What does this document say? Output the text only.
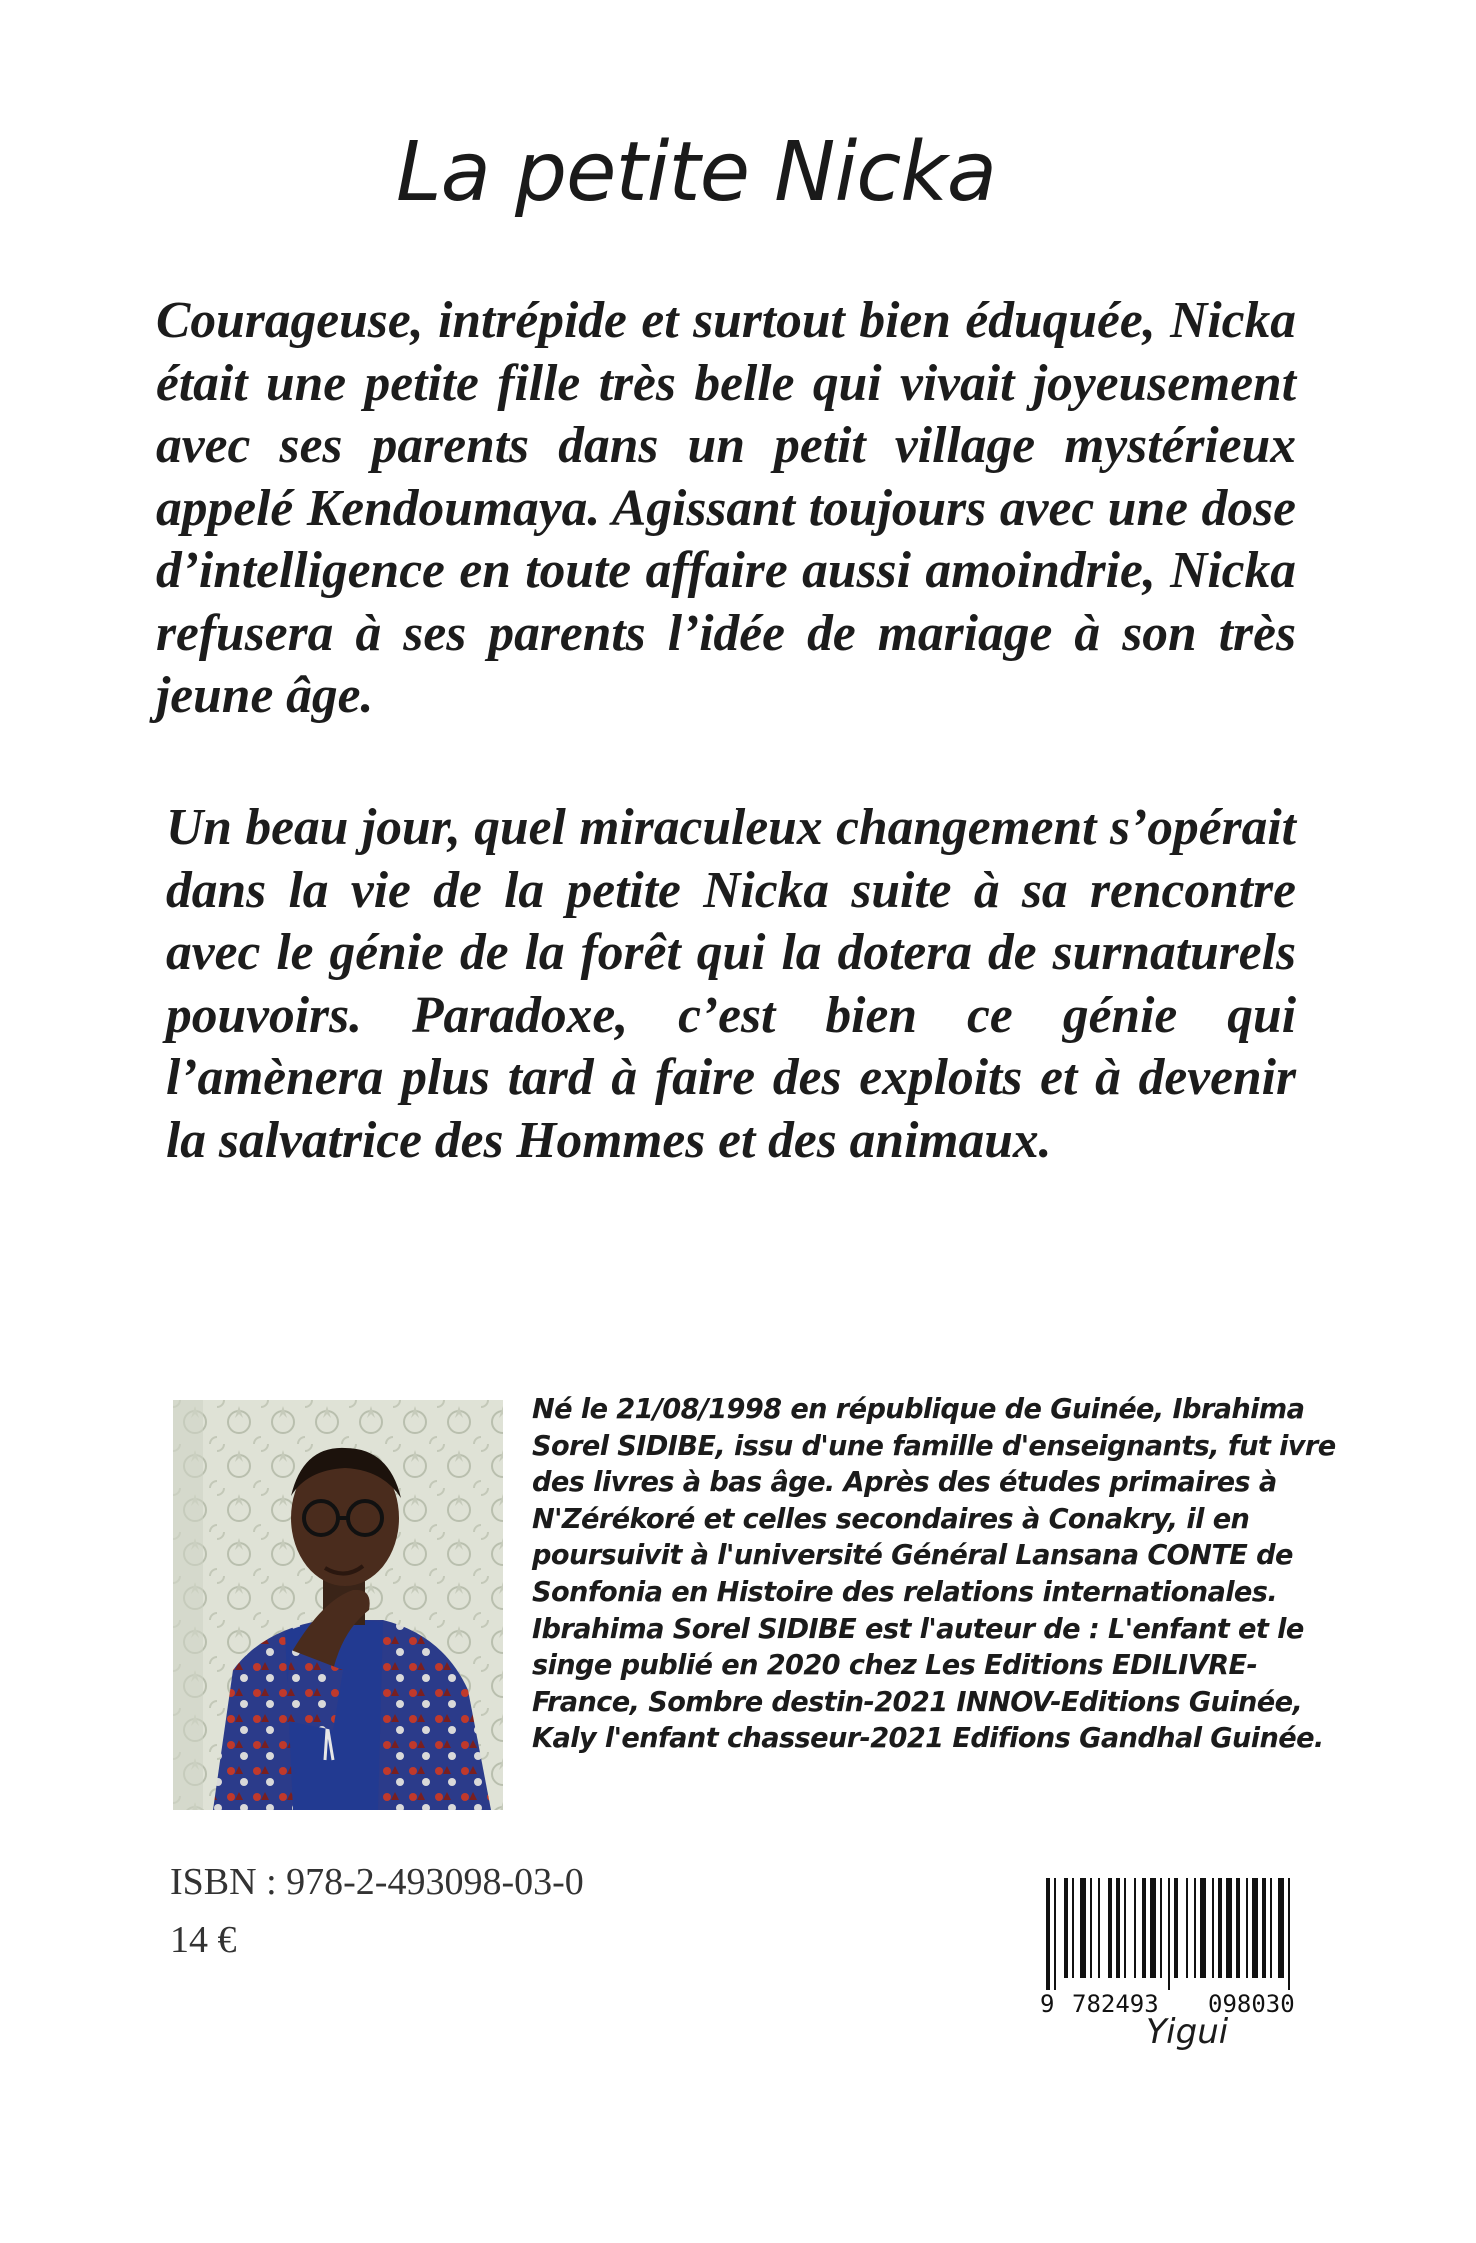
La petite Nicka

Courageuse, intrépide et surtout bien éduquée, Nicka était une petite fille très belle qui vivait joyeusement avec ses parents dans un petit village mystérieux appelé Kendoumaya. Agissant toujours avec une dose d’intelligence en toute affaire aussi amoindrie, Nicka refusera à ses parents l’idée de mariage à son très jeune âge.

Un beau jour, quel miraculeux changement s’opérait dans la vie de la petite Nicka suite à sa rencontre avec le génie de la forêt qui la dotera de surnaturels pouvoirs. Paradoxe, c’est bien ce génie qui l’amènera plus tard à faire des exploits et à devenir la salvatrice des Hommes et des animaux.

Né le 21/08/1998 en république de Guinée, Ibrahima Sorel SIDIBE, issu d'une famille d'enseignants, fut ivre des livres à bas âge. Après des études primaires à N'Zérékoré et celles secondaires à Conakry, il en poursuivit à l'université Général Lansana CONTE de Sonfonia en Histoire des relations internationales. Ibrahima Sorel SIDIBE est l'auteur de : L'enfant et le singe publié en 2020 chez Les Editions EDILIVRE-France, Sombre destin-2021 INNOV-Editions Guinée, Kaly l'enfant chasseur-2021 Edifions Gandhal Guinée.

ISBN : 978-2-493098-03-0
14 €
9 782493 098030
Yigui
